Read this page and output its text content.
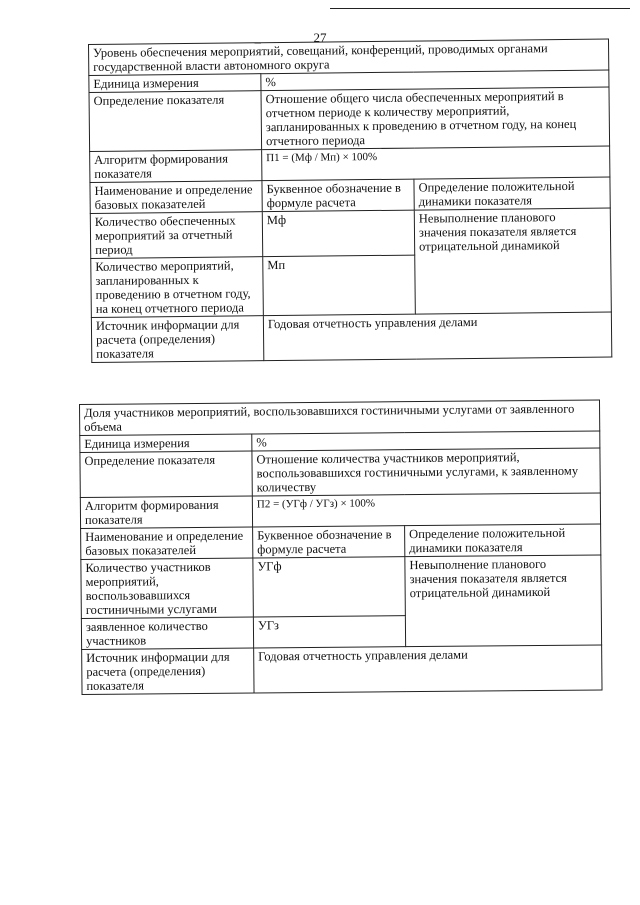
27
Уровень обеспечения мероприятий, совещаний, конференций, проводимых органами государственной власти автономного округа		
Единица измерения	%	
Определение показателя	Отношение общего числа обеспеченных мероприятий в отчетном периоде к количеству мероприятий, запланированных к проведению в отчетном году, на конец отчетного периода	
Алгоритм формирования показателя	П1 = (Мф / Мп) × 100%	
Наименование и определение базовых показателей	Буквенное обозначение в формуле расчета	Определение положительной динамики показателя
Количество обеспеченных мероприятий за отчетный период	Мф	Невыполнение планового значения показателя является отрицательной динамикой
Количество мероприятий, запланированных к проведению в отчетном году, на конец отчетного периода	Мп	
Источник информации для расчета (определения) показателя	Годовая отчетность управления делами	
Доля участников мероприятий, воспользовавшихся гостиничными услугами от заявленного объема		
Единица измерения	%	
Определение показателя	Отношение количества участников мероприятий, воспользовавшихся гостиничными услугами, к заявленному количеству	
Алгоритм формирования показателя	П2 = (УГф / УГз) × 100%	
Наименование и определение базовых показателей	Буквенное обозначение в формуле расчета	Определение положительной динамики показателя
Количество участников мероприятий, воспользовавшихся гостиничными услугами	УГф	Невыполнение планового значения показателя является отрицательной динамикой
заявленное количество участников	УГз	
Источник информации для расчета (определения) показателя	Годовая отчетность управления делами	
